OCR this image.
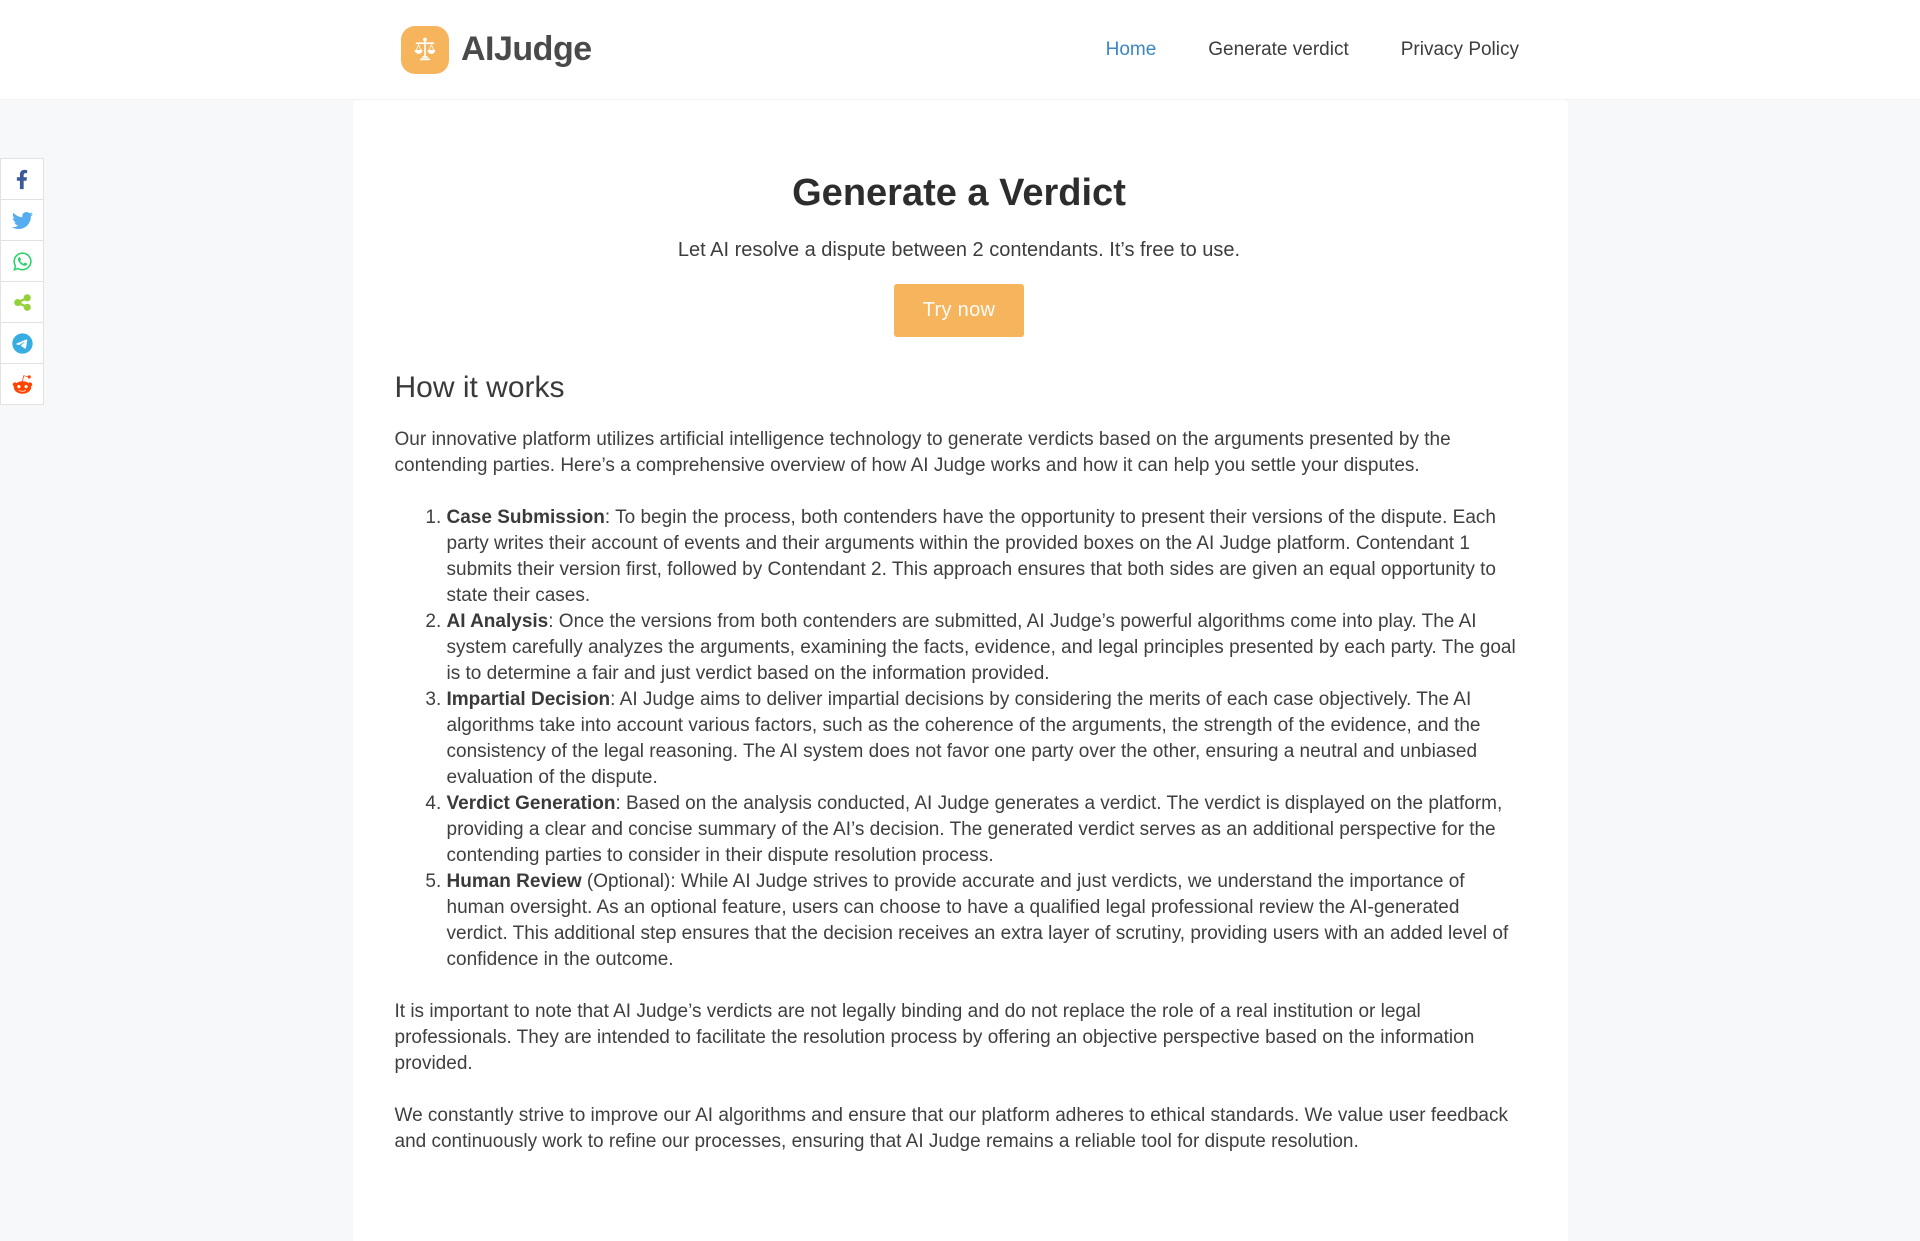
AIJudge	Home	Generate verdict	Privacy Policy
Generate a Verdict

Let AI resolve a dispute between 2 contendants. It’s free to use.

Try now
How it works

Our innovative platform utilizes artificial intelligence technology to generate verdicts based on the arguments presented by the contending parties. Here’s a comprehensive overview of how AI Judge works and how it can help you settle your disputes.

1. Case Submission: To begin the process, both contenders have the opportunity to present their versions of the dispute. Each party writes their account of events and their arguments within the provided boxes on the AI Judge platform. Contendant 1 submits their version first, followed by Contendant 2. This approach ensures that both sides are given an equal opportunity to state their cases.
2. AI Analysis: Once the versions from both contenders are submitted, AI Judge’s powerful algorithms come into play. The AI system carefully analyzes the arguments, examining the facts, evidence, and legal principles presented by each party. The goal is to determine a fair and just verdict based on the information provided.
3. Impartial Decision: AI Judge aims to deliver impartial decisions by considering the merits of each case objectively. The AI algorithms take into account various factors, such as the coherence of the arguments, the strength of the evidence, and the consistency of the legal reasoning. The AI system does not favor one party over the other, ensuring a neutral and unbiased evaluation of the dispute.
4. Verdict Generation: Based on the analysis conducted, AI Judge generates a verdict. The verdict is displayed on the platform, providing a clear and concise summary of the AI’s decision. The generated verdict serves as an additional perspective for the contending parties to consider in their dispute resolution process.
5. Human Review (Optional): While AI Judge strives to provide accurate and just verdicts, we understand the importance of human oversight. As an optional feature, users can choose to have a qualified legal professional review the AI-generated verdict. This additional step ensures that the decision receives an extra layer of scrutiny, providing users with an added level of confidence in the outcome.

It is important to note that AI Judge’s verdicts are not legally binding and do not replace the role of a real institution or legal professionals. They are intended to facilitate the resolution process by offering an objective perspective based on the information provided.

We constantly strive to improve our AI algorithms and ensure that our platform adheres to ethical standards. We value user feedback and continuously work to refine our processes, ensuring that AI Judge remains a reliable tool for dispute resolution.
